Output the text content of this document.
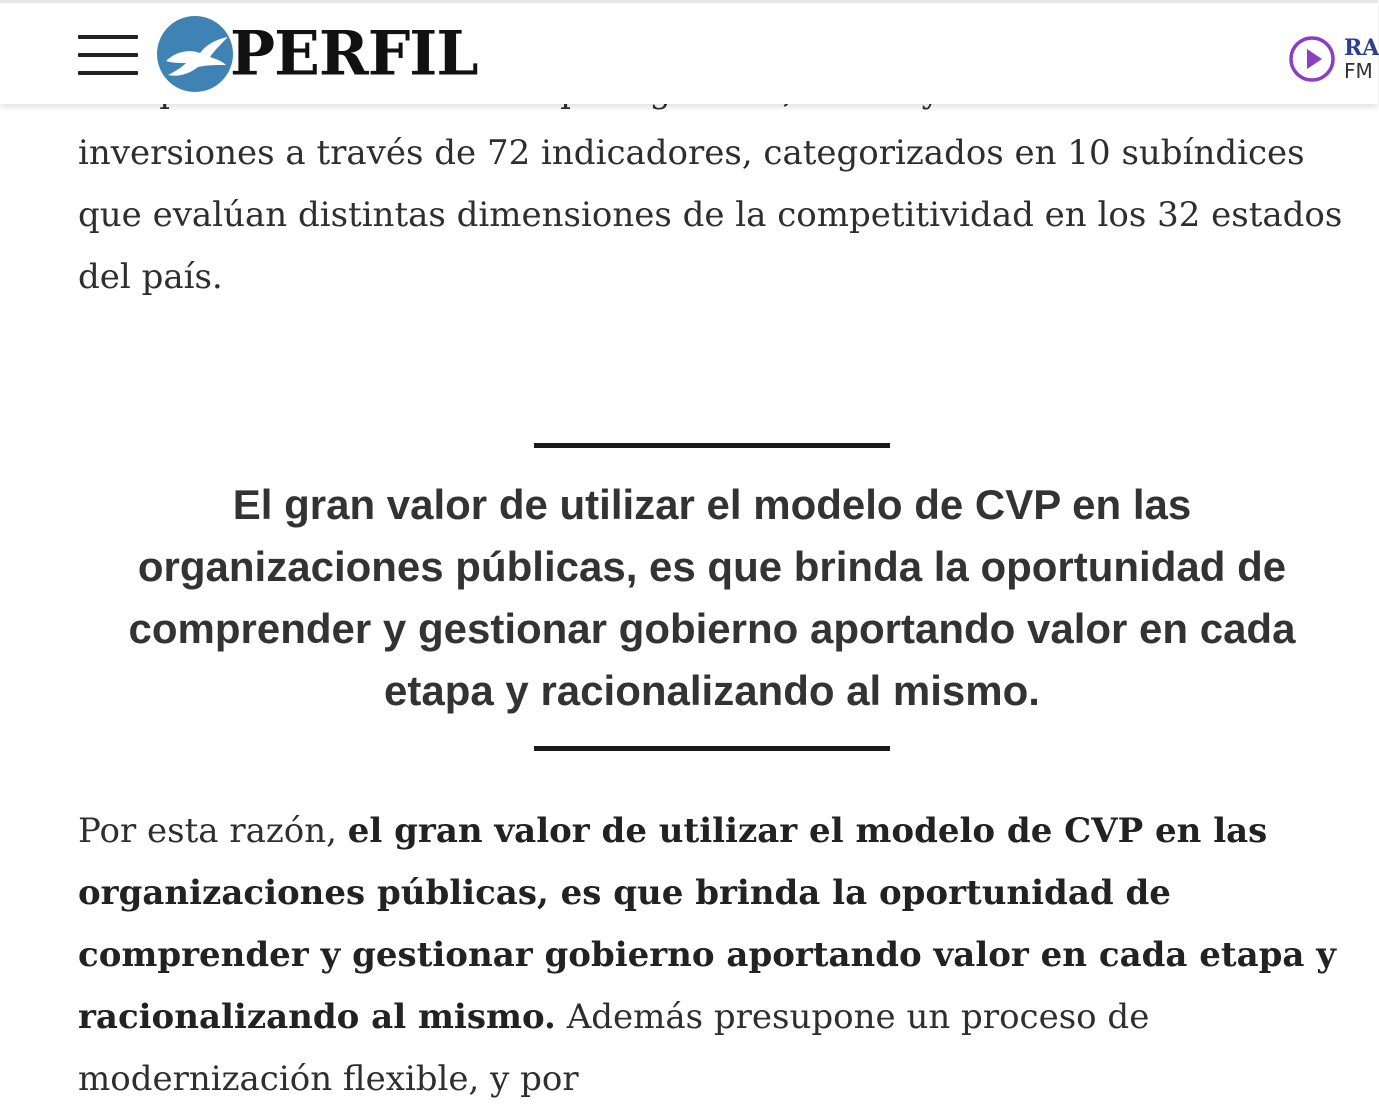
PERFIL	RA
FM

inversiones a través de 72 indicadores, categorizados en 10 subíndices que evalúan distintas dimensiones de la competitividad en los 32 estados del país.

El gran valor de utilizar el modelo de CVP en las organizaciones públicas, es que brinda la oportunidad de comprender y gestionar gobierno aportando valor en cada etapa y racionalizando al mismo.

Por esta razón, el gran valor de utilizar el modelo de CVP en las organizaciones públicas, es que brinda la oportunidad de comprender y gestionar gobierno aportando valor en cada etapa y racionalizando al mismo. Además presupone un proceso de modernización flexible, y por
